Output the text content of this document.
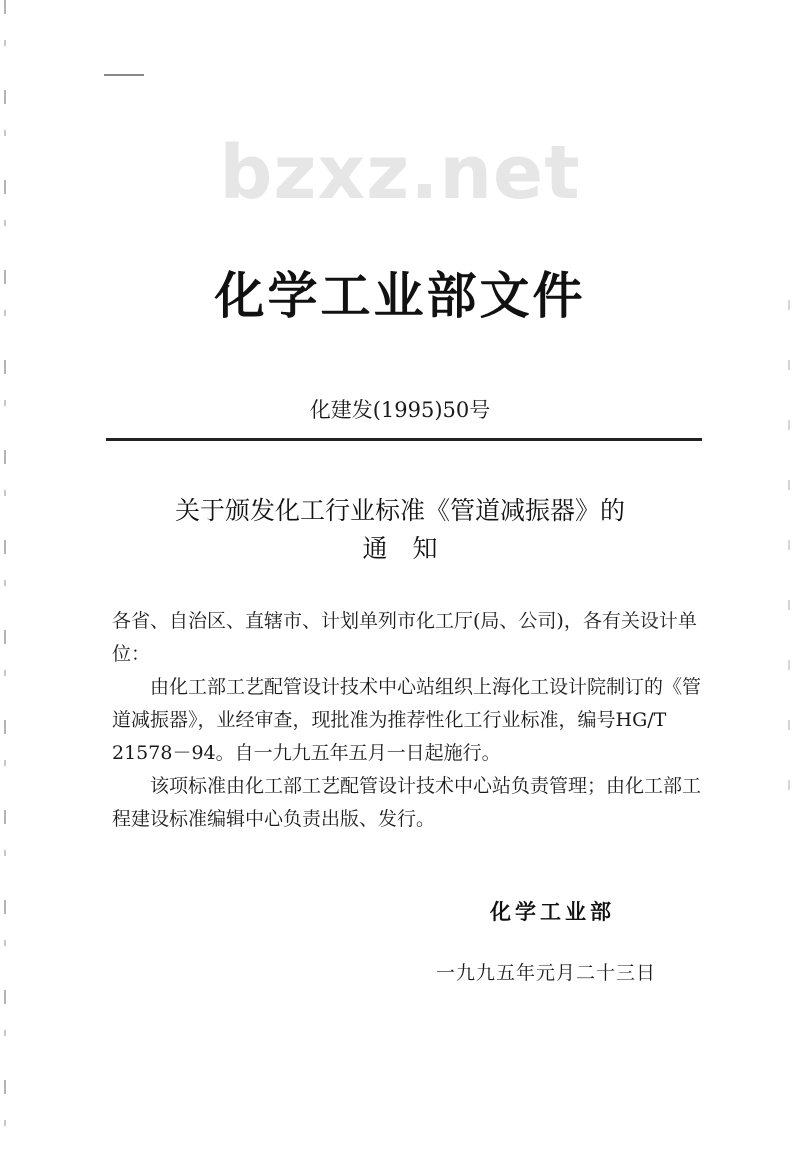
bzxz.net
化学工业部文件
化建发(1995)50号
关于颁发化工行业标准《管道减振器》的
通　知

各省、自治区、直辖市、计划单列市化工厅(局、公司)，各有关设计单位：

由化工部工艺配管设计技术中心站组织上海化工设计院制订的《管道减振器》，业经审查，现批准为推荐性化工行业标准，编号HG/T 21578－94。自一九九五年五月一日起施行。

该项标准由化工部工艺配管设计技术中心站负责管理；由化工部工程建设标准编辑中心负责出版、发行。

化学工业部
一九九五年元月二十三日
